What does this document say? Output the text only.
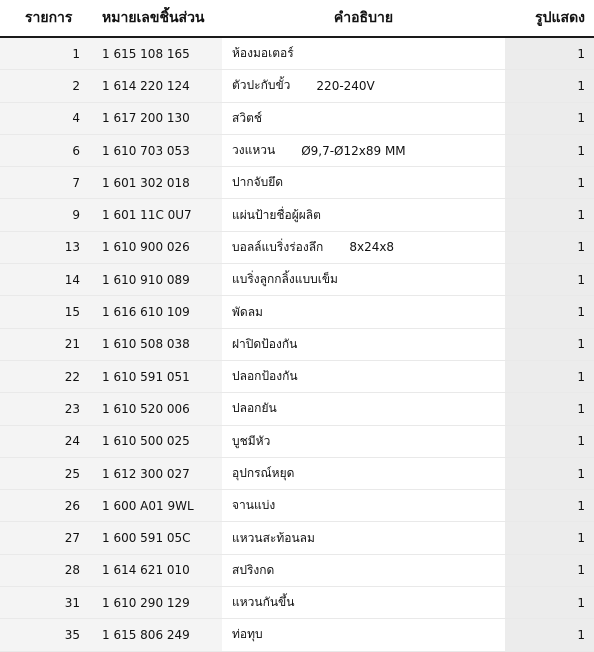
รายการ	หมายเลขชิ้นส่วน	คำอธิบาย	รูปแสดง
1	1 615 108 165	ห้องมอเตอร์	1
2	1 614 220 124	ตัวปะกับขั้ว 220-240V	1
4	1 617 200 130	สวิตช์	1
6	1 610 703 053	วงแหวน Ø9,7-Ø12x89 MM	1
7	1 601 302 018	ปากจับยึด	1
9	1 601 11C 0U7	แผ่นป้ายชื่อผู้ผลิต	1
13	1 610 900 026	บอลล์แบริ่งร่องลึก 8x24x8	1
14	1 610 910 089	แบริ่งลูกกลิ้งแบบเข็ม	1
15	1 616 610 109	พัดลม	1
21	1 610 508 038	ฝาปิดป้องกัน	1
22	1 610 591 051	ปลอกป้องกัน	1
23	1 610 520 006	ปลอกยัน	1
24	1 610 500 025	บูชมีหัว	1
25	1 612 300 027	อุปกรณ์หยุด	1
26	1 600 A01 9WL	จานแบ่ง	1
27	1 600 591 05C	แหวนสะท้อนลม	1
28	1 614 621 010	สปริงกด	1
31	1 610 290 129	แหวนกันขึ้น	1
35	1 615 806 249	ท่อทุบ	1
